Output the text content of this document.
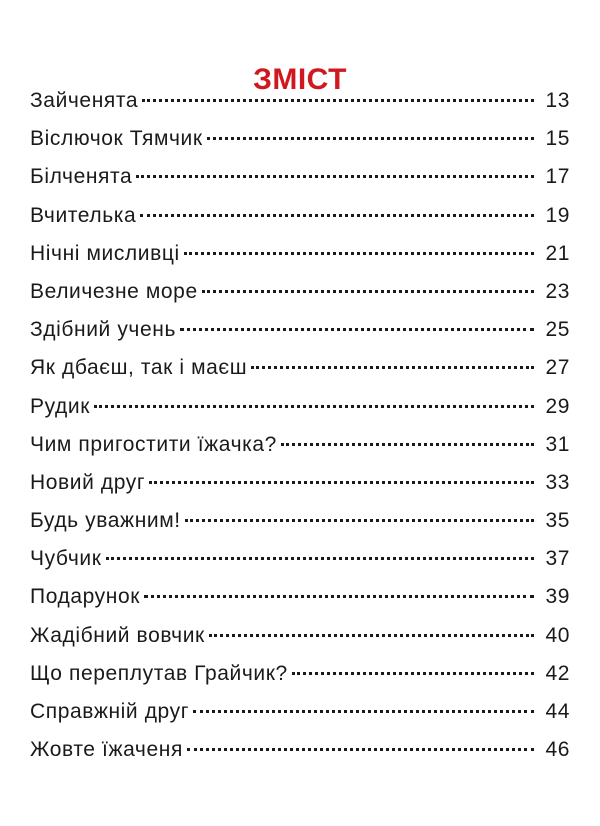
ЗМІСТ
Зайченята	13
Віслючок Тямчик	15
Білченята	17
Вчителька	19
Нічні мисливці	21
Величезне море	23
Здібний учень	25
Як дбаєш, так і маєш	27
Рудик	29
Чим пригостити їжачка?	31
Новий друг	33
Будь уважним!	35
Чубчик	37
Подарунок	39
Жадібний вовчик	40
Що переплутав Грайчик?	42
Справжній друг	44
Жовте їжаченя	46
